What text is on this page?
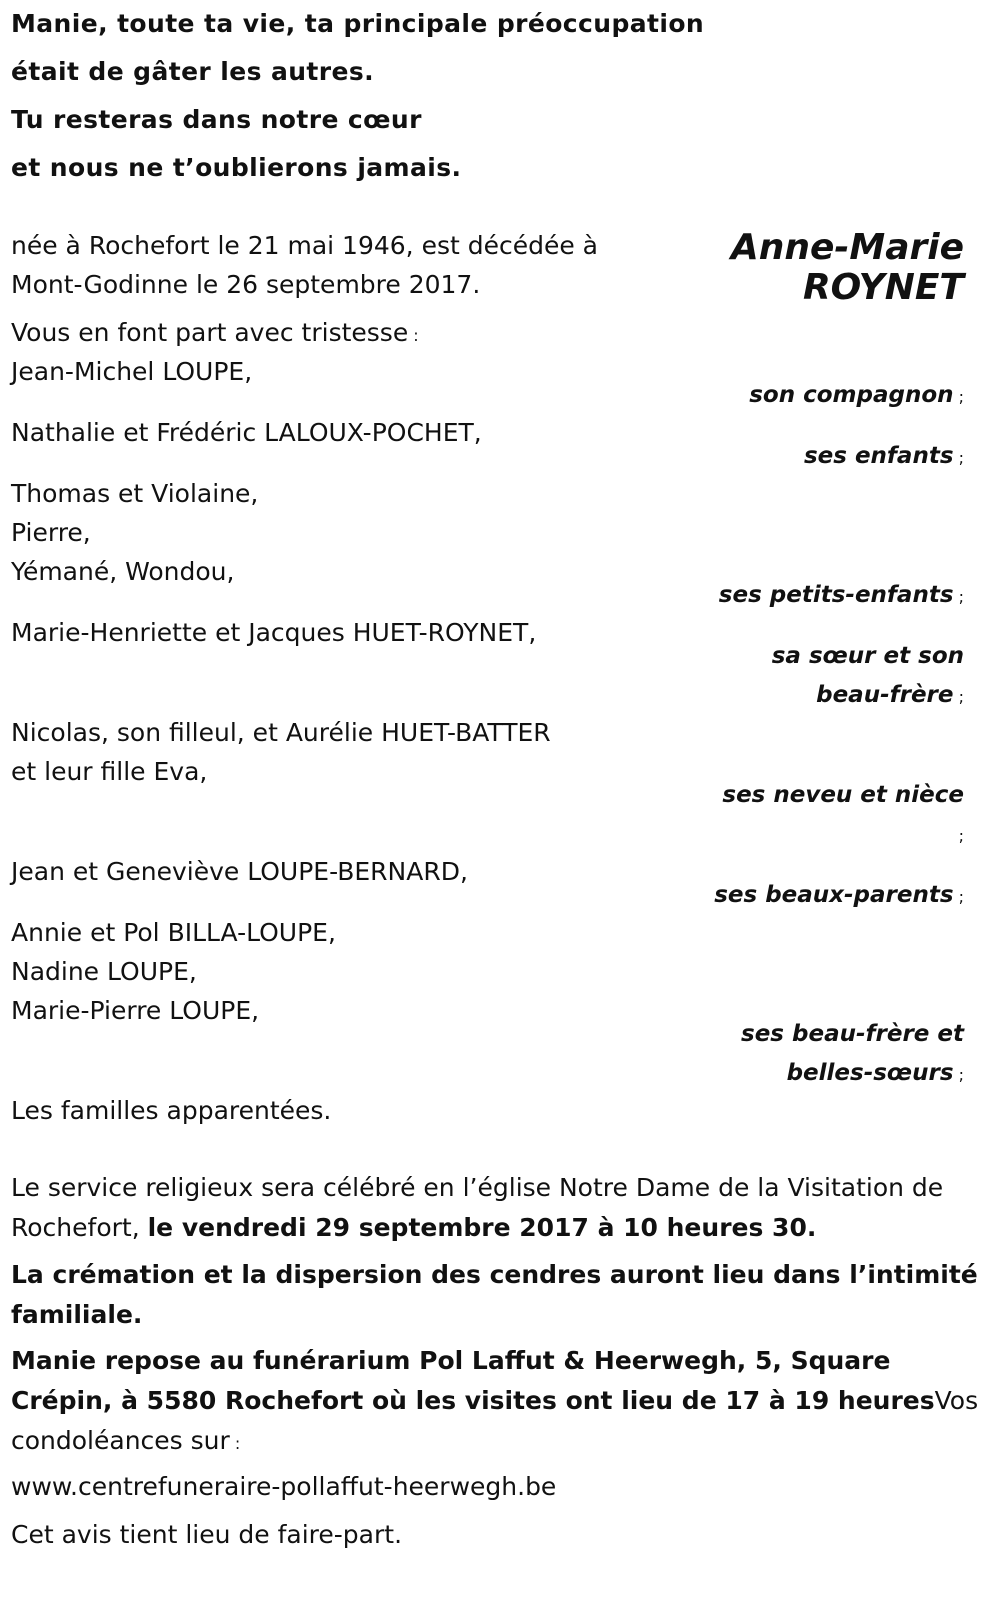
Manie, toute ta vie, ta principale préoccupation
était de gâter les autres.
Tu resteras dans notre cœur
et nous ne t’oublierons jamais.
Anne-Marie
ROYNET
née à Rochefort le 21 mai 1946, est décédée à
Mont-Godinne le 26 septembre 2017.
Vous en font part avec tristesse :
Jean-Michel LOUPE,
son compagnon ;
Nathalie et Frédéric LALOUX-POCHET,
ses enfants ;
Thomas et Violaine,
Pierre,
Yémané, Wondou,
ses petits-enfants ;
Marie-Henriette et Jacques HUET-ROYNET,
sa sœur et son
beau-frère ;
Nicolas, son filleul, et Aurélie HUET-BATTER
et leur fille Eva,
ses neveu et nièce
;
Jean et Geneviève LOUPE-BERNARD,
ses beaux-parents ;
Annie et Pol BILLA-LOUPE,
Nadine LOUPE,
Marie-Pierre LOUPE,
ses beau-frère et
belles-sœurs ;
Les familles apparentées.
Le service religieux sera célébré en l’église Notre Dame de la Visitation de Rochefort, le vendredi 29 septembre 2017 à 10 heures 30.
La crémation et la dispersion des cendres auront lieu dans l’intimité familiale.
Manie repose au funérarium Pol Laffut & Heerwegh, 5, Square Crépin, à 5580 Rochefort où les visites ont lieu de 17 à 19 heuresVos condoléances sur :
www.centrefuneraire-pollaffut-heerwegh.be
Cet avis tient lieu de faire-part.
